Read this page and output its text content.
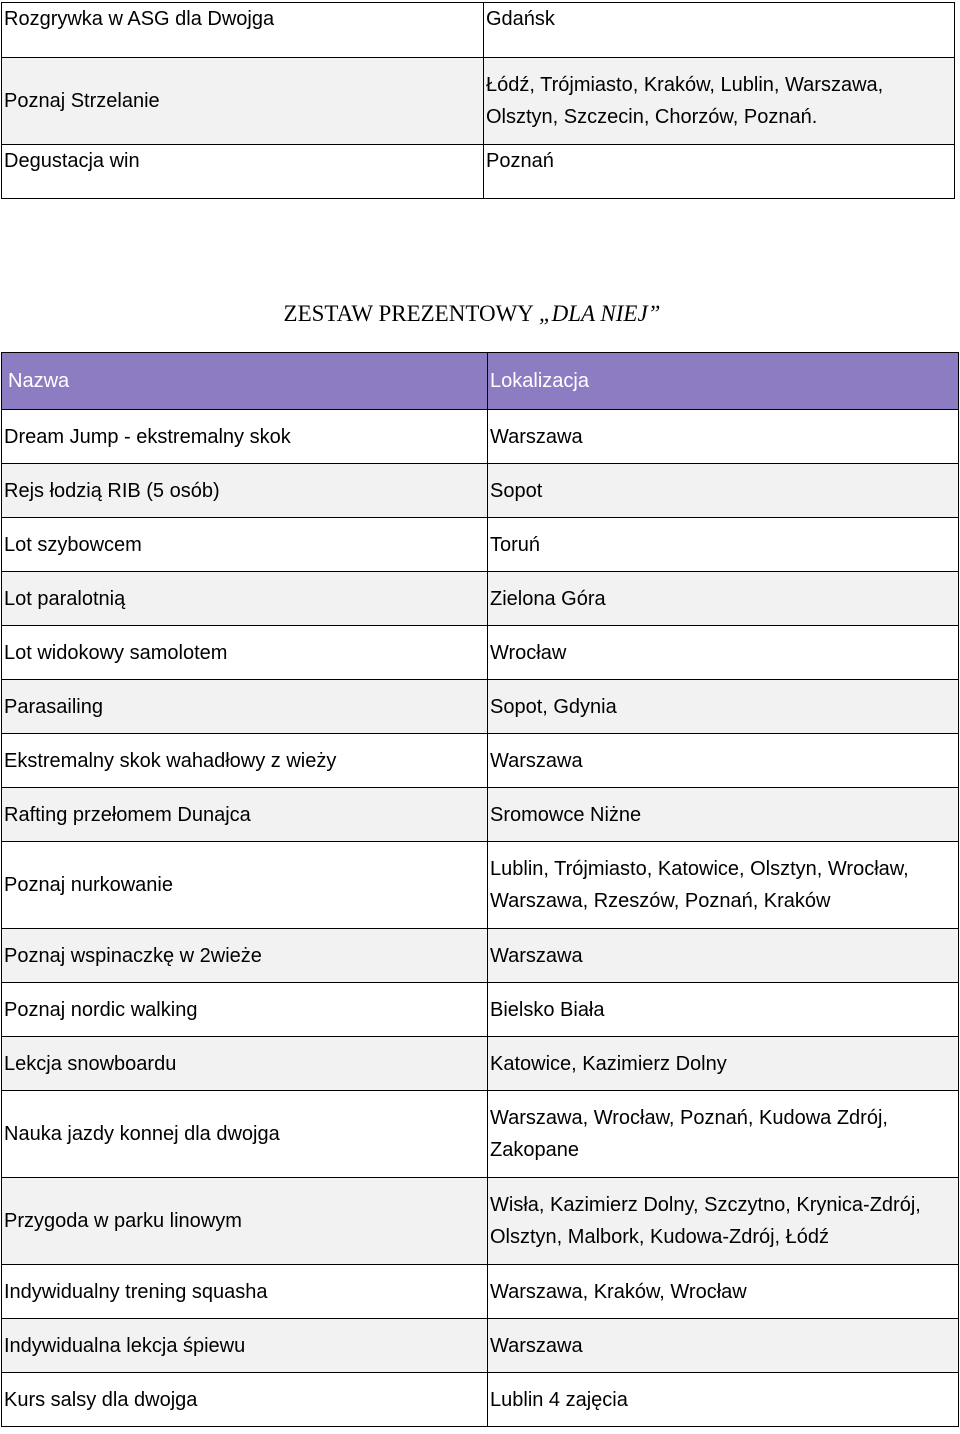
Rozgrywka w ASG dla Dwojga	Gdańsk
Poznaj Strzelanie	Łódź, Trójmiasto, Kraków, Lublin, Warszawa, Olsztyn, Szczecin, Chorzów, Poznań.
Degustacja win	Poznań
ZESTAW PREZENTOWY „DLA NIEJ”
Nazwa	Lokalizacja
Dream Jump - ekstremalny skok	Warszawa
Rejs łodzią RIB (5 osób)	Sopot
Lot szybowcem	Toruń
Lot paralotnią	Zielona Góra
Lot widokowy samolotem	Wrocław
Parasailing	Sopot, Gdynia
Ekstremalny skok wahadłowy z wieży	Warszawa
Rafting przełomem Dunajca	Sromowce Niżne
Poznaj nurkowanie	Lublin, Trójmiasto, Katowice, Olsztyn, Wrocław, Warszawa, Rzeszów, Poznań, Kraków
Poznaj wspinaczkę w 2wieże	Warszawa
Poznaj nordic walking	Bielsko Biała
Lekcja snowboardu	Katowice, Kazimierz Dolny
Nauka jazdy konnej dla dwojga	Warszawa, Wrocław, Poznań, Kudowa Zdrój, Zakopane
Przygoda w parku linowym	Wisła, Kazimierz Dolny, Szczytno, Krynica-Zdrój, Olsztyn, Malbork, Kudowa-Zdrój, Łódź
Indywidualny trening squasha	Warszawa, Kraków, Wrocław
Indywidualna lekcja śpiewu	Warszawa
Kurs salsy dla dwojga	Lublin 4 zajęcia
